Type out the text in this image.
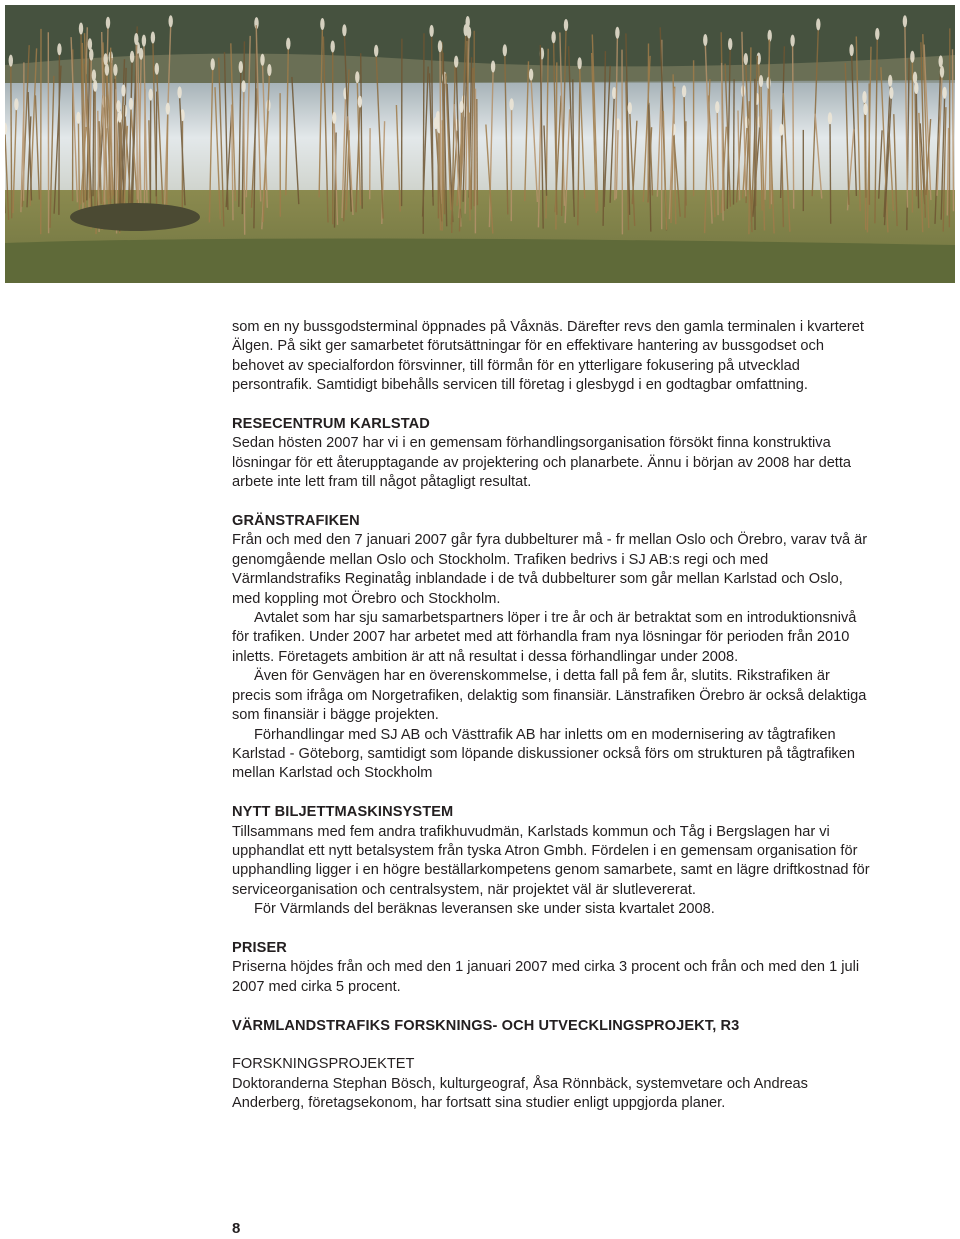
som en ny bussgodsterminal öppnades på Våxnäs. Därefter revs den gamla terminalen i kvarteret Älgen. På sikt ger samarbetet förutsättningar för en effektivare hantering av bussgodset och behovet av specialfordon försvinner, till förmån för en ytterligare fokusering på utvecklad persontrafik. Samtidigt bibehålls servicen till företag i glesbygd i en godtagbar omfattning.

RESECENTRUM KARLSTAD

Sedan hösten 2007 har vi i en gemensam förhandlingsorganisation försökt finna konstruktiva lösningar för ett återupptagande av projektering och planarbete. Ännu i början av 2008 har detta arbete inte lett fram till något påtagligt resultat.

GRÄNSTRAFIKEN

Från och med den 7 januari 2007 går fyra dubbelturer må - fr mellan Oslo och Örebro, varav två är genomgående mellan Oslo och Stockholm. Trafiken bedrivs i SJ AB:s regi och med Värmlandstrafiks Reginatåg inblandade i de två dubbelturer som går mellan Karlstad och Oslo, med koppling mot Örebro och Stockholm.

Avtalet som har sju samarbetspartners löper i tre år och är betraktat som en introduktionsnivå för trafiken. Under 2007 har arbetet med att förhandla fram nya lösningar för perioden från 2010 inletts. Företagets ambition är att nå resultat i dessa förhandlingar under 2008.

Även för Genvägen har en överenskommelse, i detta fall på fem år, slutits. Rikstrafiken är precis som ifråga om Norgetrafiken, delaktig som finansiär. Länstrafiken Örebro är också delaktiga som finansiär i bägge projekten.

Förhandlingar med SJ AB och Västtrafik AB har inletts om en modernisering av tågtrafiken Karlstad - Göteborg, samtidigt som löpande diskussioner också förs om strukturen på tågtrafiken mellan Karlstad och Stockholm

NYTT BILJETTMASKINSYSTEM

Tillsammans med fem andra trafikhuvudmän, Karlstads kommun och Tåg i Bergslagen har vi upphandlat ett nytt betalsystem från tyska Atron Gmbh. Fördelen i en gemensam organisation för upphandling ligger i en högre beställarkompetens genom samarbete, samt en lägre driftkostnad för serviceorganisation och centralsystem, när projektet väl är slutlevererat.

För Värmlands del beräknas leveransen ske under sista kvartalet 2008.

PRISER

Priserna höjdes från och med den 1 januari 2007 med cirka 3 procent och från och med den 1 juli 2007 med cirka 5 procent.

VÄRMLANDSTRAFIKS FORSKNINGS- OCH UTVECKLINGSPROJEKT, R3

FORSKNINGSPROJEKTET

Doktoranderna Stephan Bösch, kulturgeograf, Åsa Rönnbäck, systemvetare och Andreas Anderberg, företagsekonom, har fortsatt sina studier enligt uppgjorda planer.

8
